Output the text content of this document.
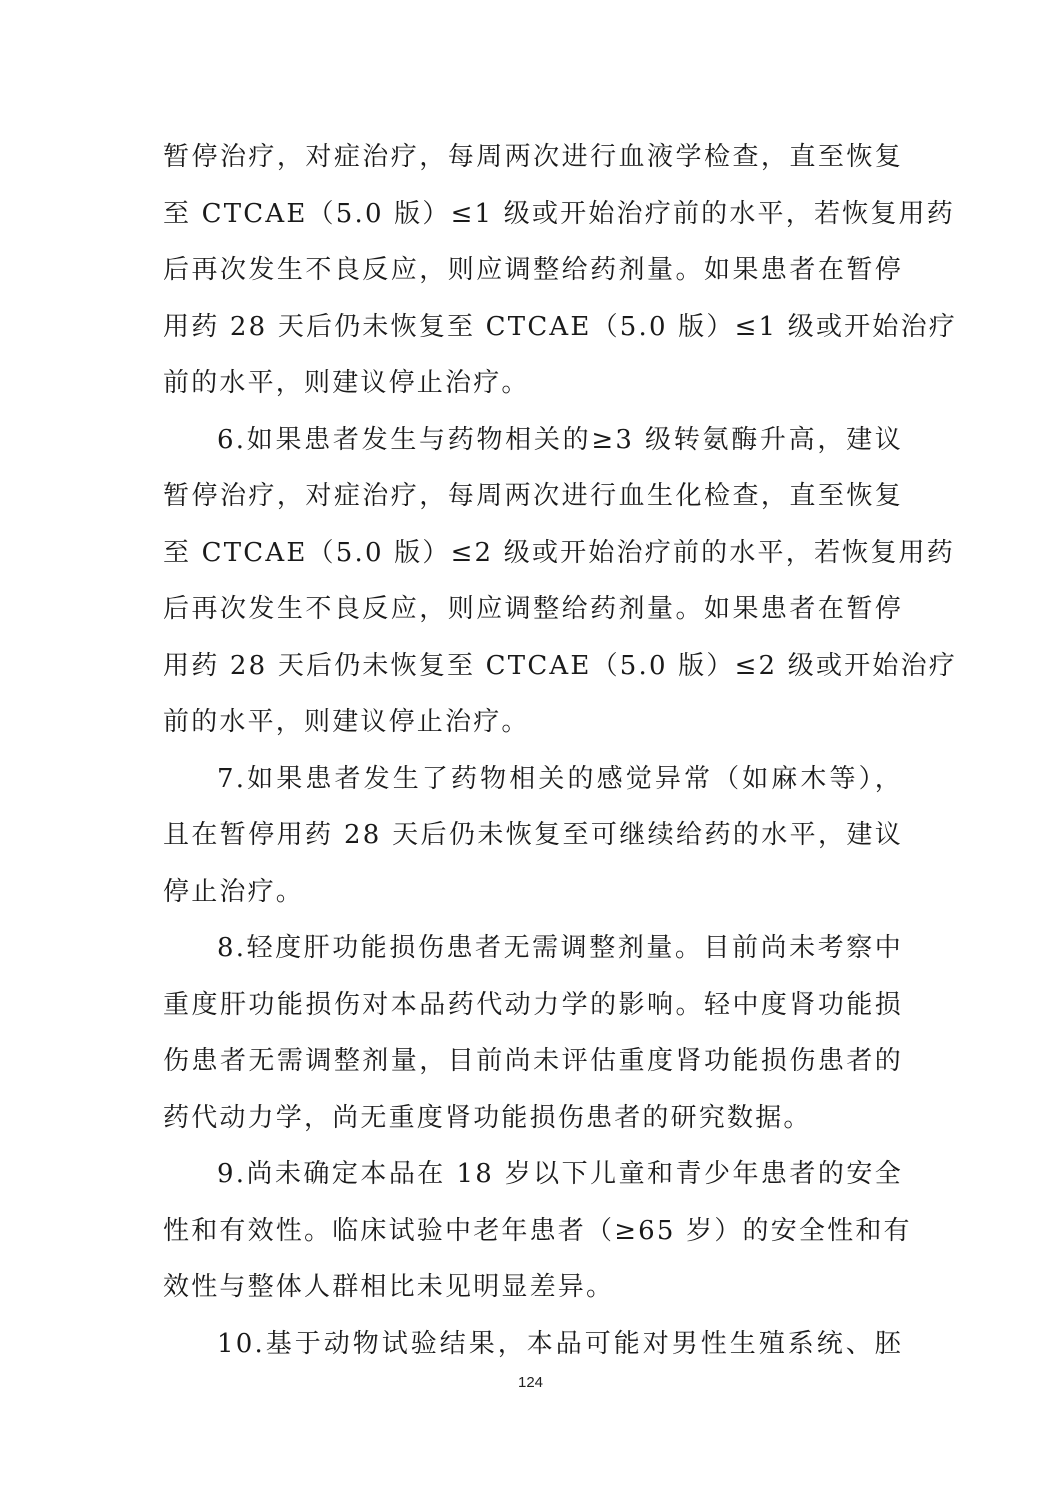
暂停治疗，对症治疗，每周两次进行血液学检查，直至恢复
至 CTCAE（5.0 版）≤1 级或开始治疗前的水平，若恢复用药
后再次发生不良反应，则应调整给药剂量。如果患者在暂停
用药 28 天后仍未恢复至 CTCAE（5.0 版）≤1 级或开始治疗
前的水平，则建议停止治疗。
6.如果患者发生与药物相关的≥3 级转氨酶升高，建议
暂停治疗，对症治疗，每周两次进行血生化检查，直至恢复
至 CTCAE（5.0 版）≤2 级或开始治疗前的水平，若恢复用药
后再次发生不良反应，则应调整给药剂量。如果患者在暂停
用药 28 天后仍未恢复至 CTCAE（5.0 版）≤2 级或开始治疗
前的水平，则建议停止治疗。
7.如果患者发生了药物相关的感觉异常（如麻木等），
且在暂停用药 28 天后仍未恢复至可继续给药的水平，建议
停止治疗。
8.轻度肝功能损伤患者无需调整剂量。目前尚未考察中
重度肝功能损伤对本品药代动力学的影响。轻中度肾功能损
伤患者无需调整剂量，目前尚未评估重度肾功能损伤患者的
药代动力学，尚无重度肾功能损伤患者的研究数据。
9.尚未确定本品在 18 岁以下儿童和青少年患者的安全
性和有效性。临床试验中老年患者（≥65 岁）的安全性和有
效性与整体人群相比未见明显差异。
10.基于动物试验结果，本品可能对男性生殖系统、胚
124
